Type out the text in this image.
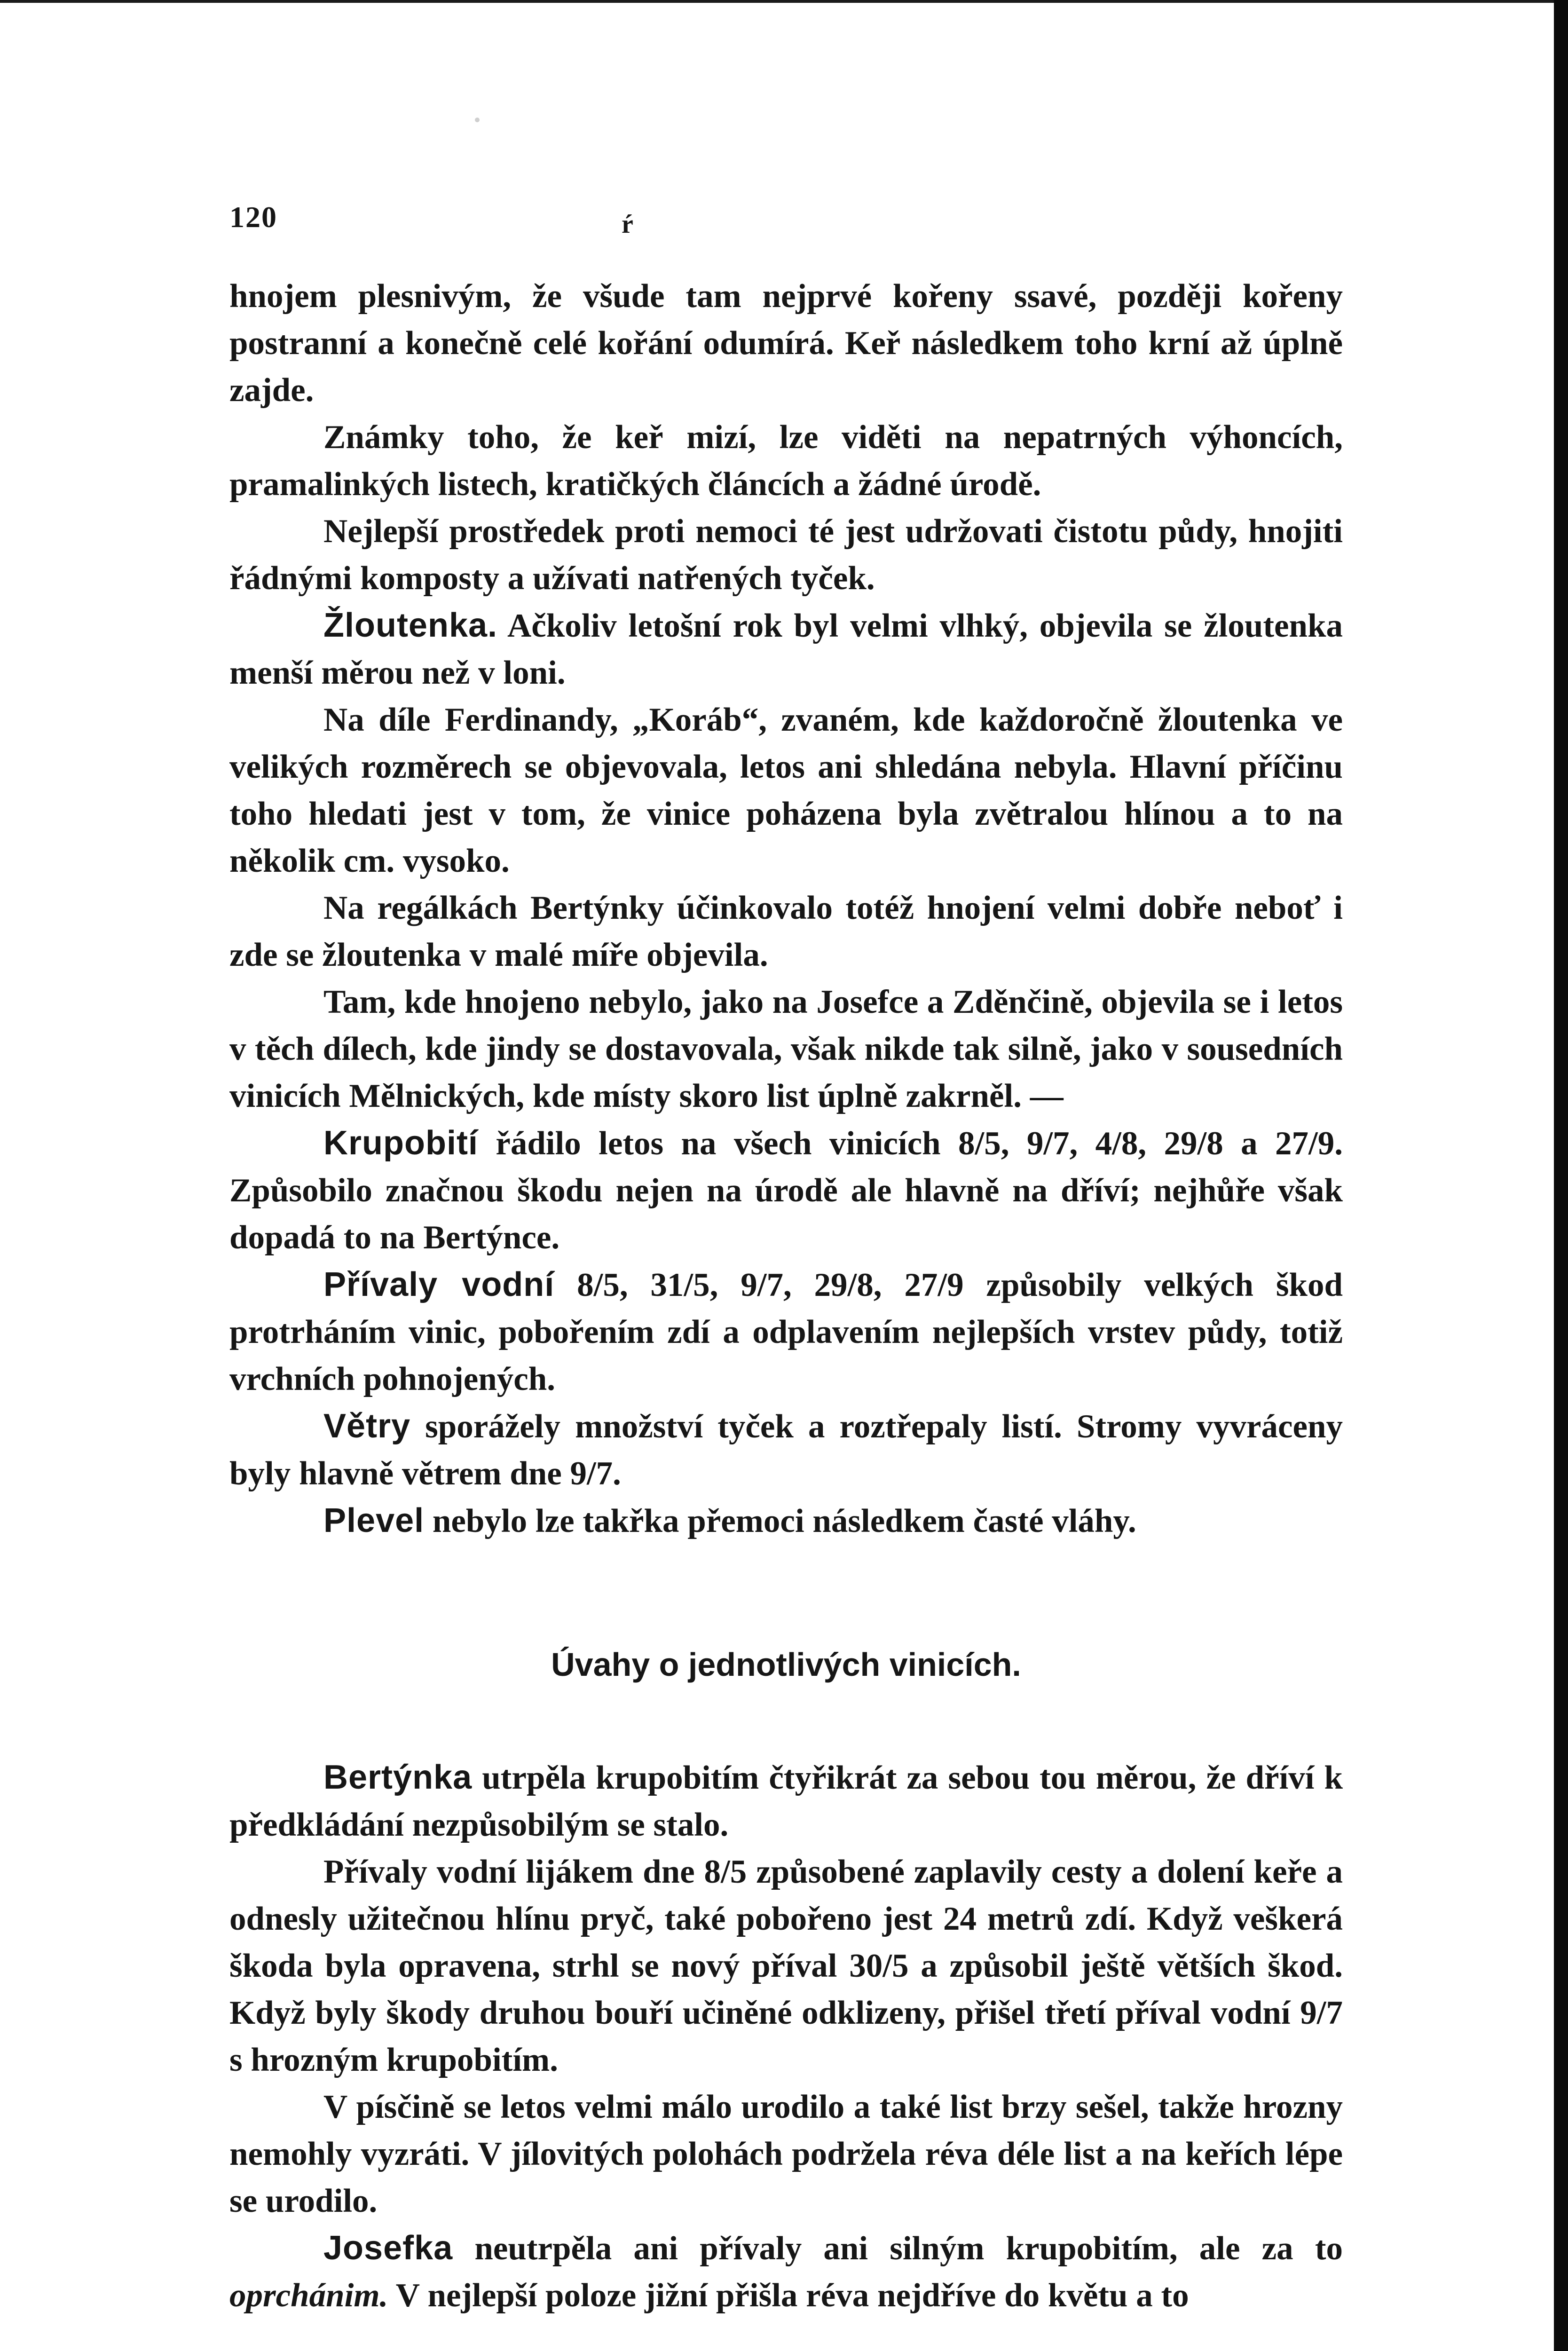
120	ŕ

hnojem plesnivým, že všude tam nejprvé kořeny ssavé, později kořeny postranní a konečně celé kořání odumírá. Keř následkem toho krní až úplně zajde.

Známky toho, že keř mizí, lze viděti na nepatrných výhoncích, pramalinkých listech, kratičkých článcích a žádné úrodě.

Nejlepší prostředek proti nemoci té jest udržovati čistotu půdy, hnojiti řádnými komposty a užívati natřených tyček.

Žloutenka. Ačkoliv letošní rok byl velmi vlhký, objevila se žloutenka menší měrou než v loni.

Na díle Ferdinandy, „Koráb“, zvaném, kde každoročně žloutenka ve velikých rozměrech se objevovala, letos ani shledána nebyla. Hlavní příčinu toho hledati jest v tom, že vinice poházena byla zvětralou hlínou a to na několik cm. vysoko.

Na regálkách Bertýnky účinkovalo totéž hnojení velmi dobře neboť i zde se žloutenka v malé míře objevila.

Tam, kde hnojeno nebylo, jako na Josefce a Zděnčině, objevila se i letos v těch dílech, kde jindy se dostavovala, však nikde tak silně, jako v sousedních vinicích Mělnických, kde místy skoro list úplně zakrněl. —

Krupobití řádilo letos na všech vinicích 8/5, 9/7, 4/8, 29/8 a 27/9. Způsobilo značnou škodu nejen na úrodě ale hlavně na dříví; nejhůře však dopadá to na Bertýnce.

Přívaly vodní 8/5, 31/5, 9/7, 29/8, 27/9 způsobily velkých škod protrháním vinic, pobořením zdí a odplavením nejlepších vrstev půdy, totiž vrchních pohnojených.

Větry sporážely množství tyček a roztřepaly listí. Stromy vyvráceny byly hlavně větrem dne 9/7.

Plevel nebylo lze takřka přemoci následkem časté vláhy.

Úvahy o jednotlivých vinicích.

Bertýnka utrpěla krupobitím čtyřikrát za sebou tou měrou, že dříví k předkládání nezpůsobilým se stalo.

Přívaly vodní lijákem dne 8/5 způsobené zaplavily cesty a dolení keře a odnesly užitečnou hlínu pryč, také pobořeno jest 24 metrů zdí. Když veškerá škoda byla opravena, strhl se nový příval 30/5 a způsobil ještě větších škod. Když byly škody druhou bouří učiněné odklizeny, přišel třetí příval vodní 9/7 s hrozným krupobitím.

V písčině se letos velmi málo urodilo a také list brzy sešel, takže hrozny nemohly vyzráti. V jílovitých polohách podržela réva déle list a na keřích lépe se urodilo.

Josefka neutrpěla ani přívaly ani silným krupobitím, ale za to oprchánim. V nejlepší poloze jižní přišla réva nejdříve do květu a to
